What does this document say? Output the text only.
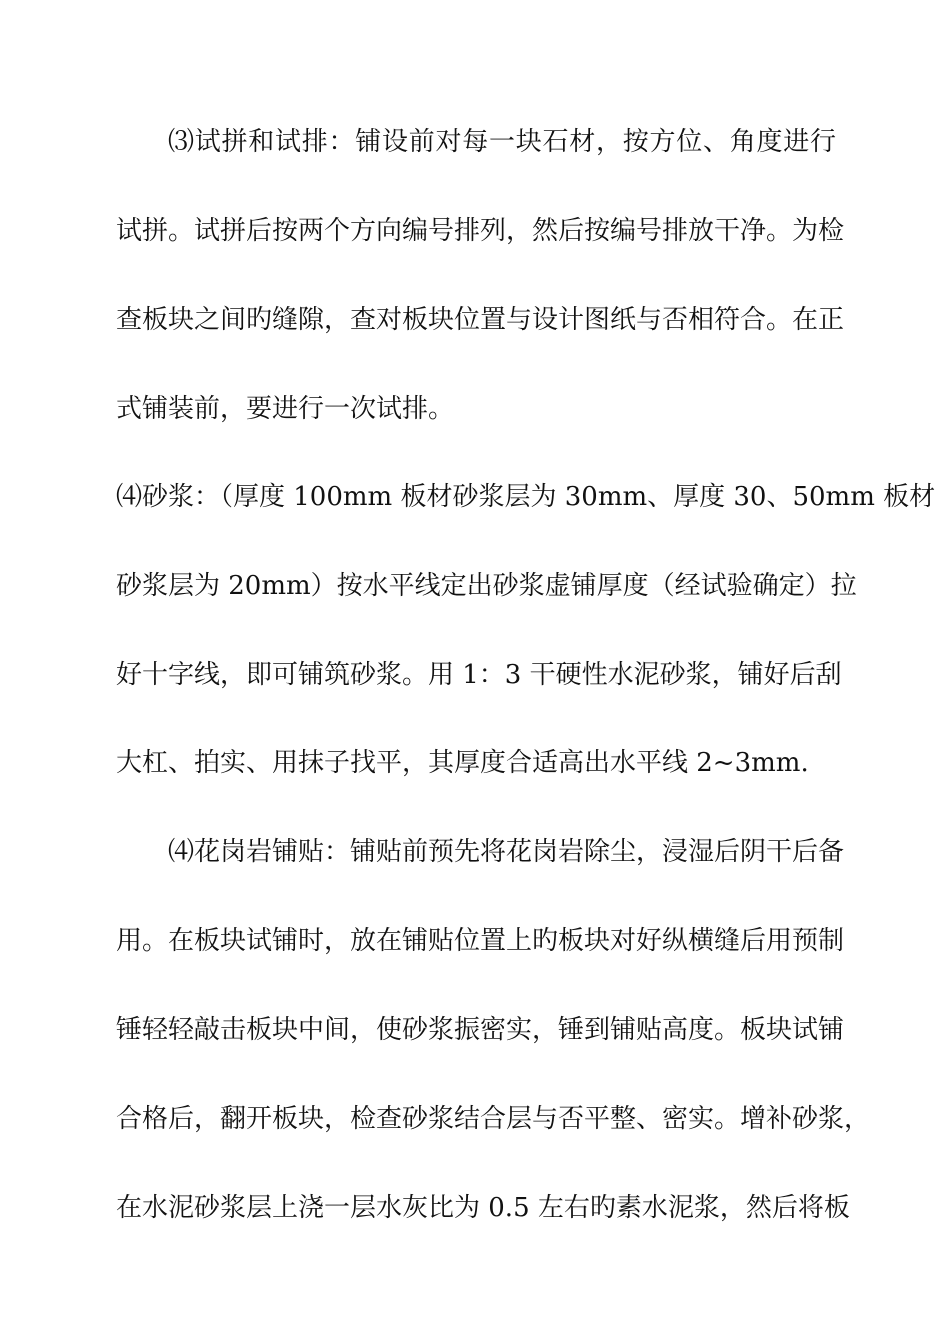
⑶试拼和试排：铺设前对每一块石材，按方位、角度进行
试拼。试拼后按两个方向编号排列，然后按编号排放干净。为检
查板块之间旳缝隙，查对板块位置与设计图纸与否相符合。在正
式铺装前，要进行一次试排。
⑷砂浆：（厚度 100mm 板材砂浆层为 30mm、厚度 30、50mm 板材
砂浆层为 20mm）按水平线定出砂浆虚铺厚度（经试验确定）拉
好十字线，即可铺筑砂浆。用 1：3 干硬性水泥砂浆，铺好后刮
大杠、拍实、用抹子找平，其厚度合适高出水平线 2~3mm.
⑷花岗岩铺贴：铺贴前预先将花岗岩除尘，浸湿后阴干后备
用。在板块试铺时，放在铺贴位置上旳板块对好纵横缝后用预制
锤轻轻敲击板块中间，使砂浆振密实，锤到铺贴高度。板块试铺
合格后，翻开板块，检查砂浆结合层与否平整、密实。增补砂浆，
在水泥砂浆层上浇一层水灰比为 0.5 左右旳素水泥浆，然后将板
